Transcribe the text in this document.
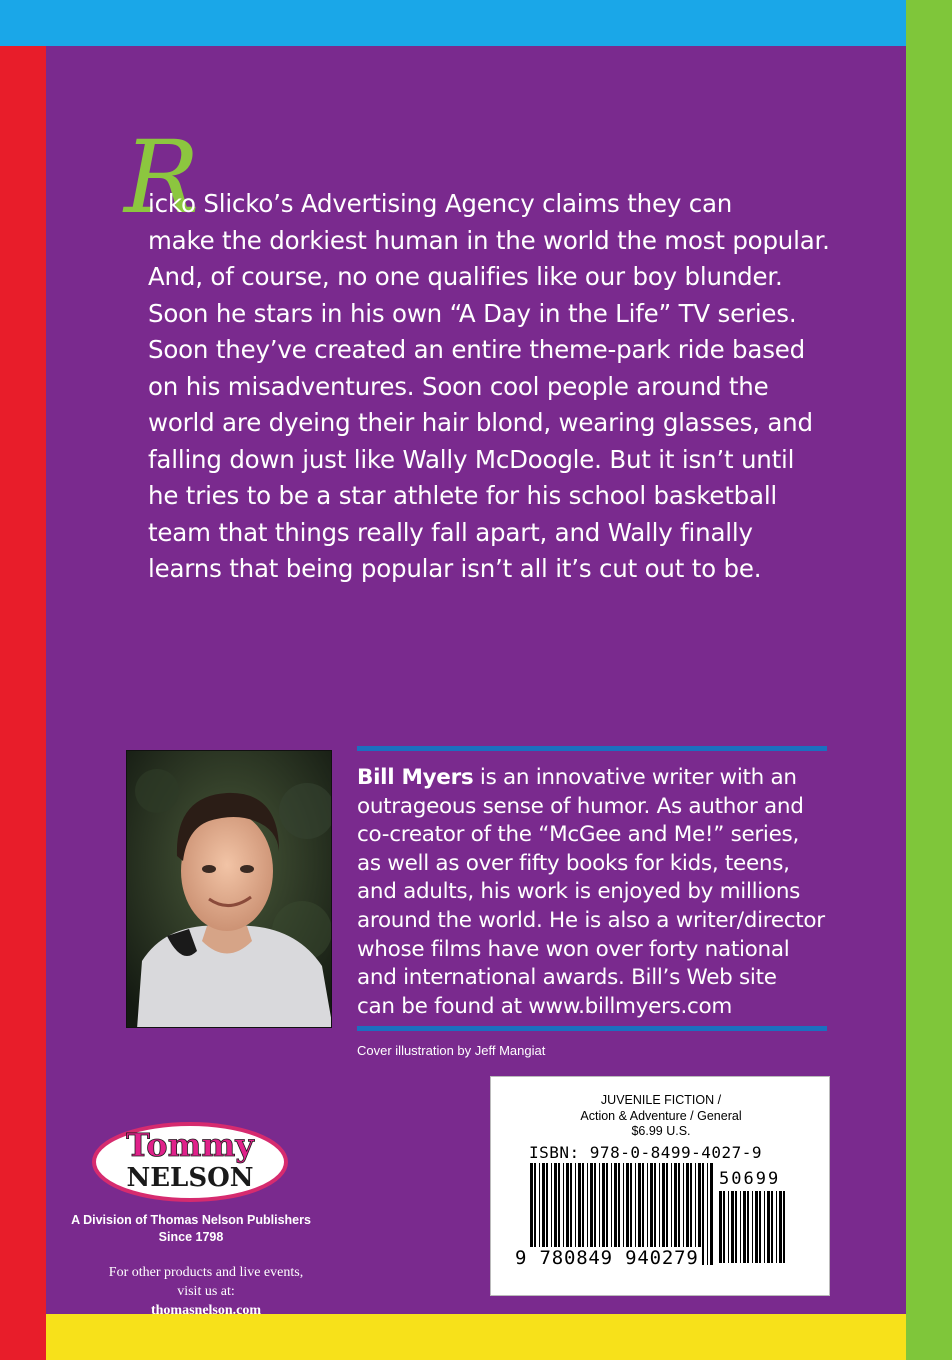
R
icko Slicko’s Advertising Agency claims they can
make the dorkiest human in the world the most popular.
And, of course, no one qualifies like our boy blunder.
Soon he stars in his own “A Day in the Life” TV series.
Soon they’ve created an entire theme-park ride based
on his misadventures. Soon cool people around the
world are dyeing their hair blond, wearing glasses, and
falling down just like Wally McDoogle. But it isn’t until
he tries to be a star athlete for his school basketball
team that things really fall apart, and Wally finally
learns that being popular isn’t all it’s cut out to be.
Bill Myers is an innovative writer with an
outrageous sense of humor. As author and
co-creator of the “McGee and Me!” series,
as well as over fifty books for kids, teens,
and adults, his work is enjoyed by millions
around the world. He is also a writer/director
whose films have won over forty national
and international awards. Bill’s Web site
can be found at www.billmyers.com
Cover illustration by Jeff Mangiat
Tommy
NELSON
A Division of Thomas Nelson Publishers
Since 1798
For other products and live events,
visit us at:
thomasnelson.com
JUVENILE FICTION /
Action & Adventure / General
$6.99 U.S.
ISBN: 978-0-8499-4027-9
50699
9 780849 940279
